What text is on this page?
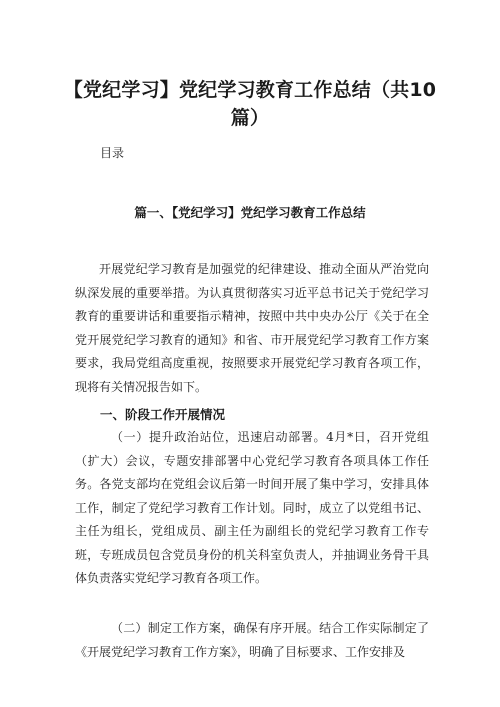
【党纪学习】党纪学习教育工作总结（共10篇）
目录
篇一、【党纪学习】党纪学习教育工作总结

开展党纪学习教育是加强党的纪律建设、推动全面从严治党向纵深发展的重要举措。为认真贯彻落实习近平总书记关于党纪学习教育的重要讲话和重要指示精神，按照中共中央办公厅《关于在全党开展党纪学习教育的通知》和省、市开展党纪学习教育工作方案要求，我局党组高度重视，按照要求开展党纪学习教育各项工作，现将有关情况报告如下。

一、阶段工作开展情况

（一）提升政治站位，迅速启动部署。4月*日，召开党组（扩大）会议，专题安排部署中心党纪学习教育各项具体工作任务。各党支部均在党组会议后第一时间开展了集中学习，安排具体工作，制定了党纪学习教育工作计划。同时，成立了以党组书记、主任为组长，党组成员、副主任为副组长的党纪学习教育工作专班，专班成员包含党员身份的机关科室负责人，并抽调业务骨干具体负责落实党纪学习教育各项工作。

（二）制定工作方案，确保有序开展。结合工作实际制定了《开展党纪学习教育工作方案》，明确了目标要求、工作安排及
